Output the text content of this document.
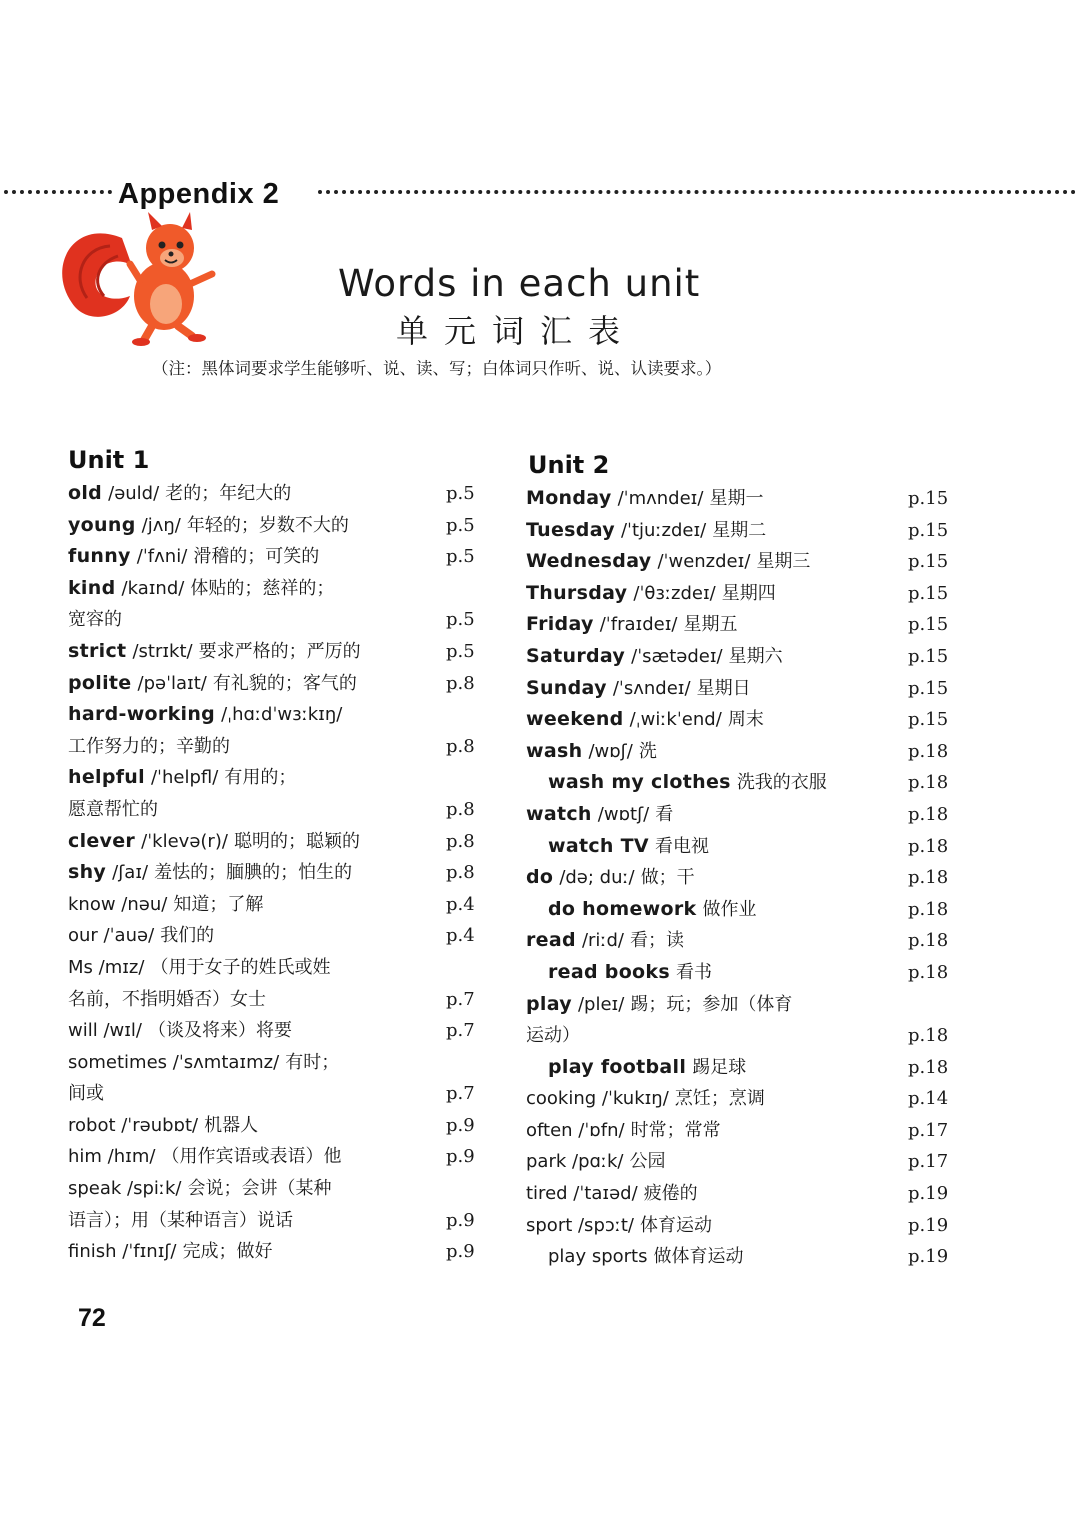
Appendix 2
Words in each unit
单元词汇表
（注：黑体词要求学生能够听、说、读、写；白体词只作听、说、认读要求。）
Unit 1	Unit 2
old /əuld/ 老的；年纪大的	p.5
young /jʌŋ/ 年轻的；岁数不大的	p.5
funny /ˈfʌni/ 滑稽的；可笑的	p.5
kind /kaɪnd/ 体贴的；慈祥的；
宽容的	p.5
strict /strɪkt/ 要求严格的；严厉的	p.5
polite /pəˈlaɪt/ 有礼貌的；客气的	p.8
hard-working /ˌhɑːdˈwɜːkɪŋ/
工作努力的；辛勤的	p.8
helpful /ˈhelpfl/ 有用的；
愿意帮忙的	p.8
clever /ˈklevə(r)/ 聪明的；聪颖的	p.8
shy /ʃaɪ/ 羞怯的；腼腆的；怕生的	p.8
know /nəu/ 知道；了解	p.4
our /ˈauə/ 我们的	p.4
Ms /mɪz/ （用于女子的姓氏或姓
名前，不指明婚否）女士	p.7
will /wɪl/ （谈及将来）将要	p.7
sometimes /ˈsʌmtaɪmz/ 有时；
间或	p.7
robot /ˈrəubɒt/ 机器人	p.9
him /hɪm/ （用作宾语或表语）他	p.9
speak /spiːk/ 会说；会讲（某种
语言）；用（某种语言）说话	p.9
finish /ˈfɪnɪʃ/ 完成；做好	p.9
Monday /ˈmʌndeɪ/ 星期一	p.15
Tuesday /ˈtjuːzdeɪ/ 星期二	p.15
Wednesday /ˈwenzdeɪ/ 星期三	p.15
Thursday /ˈθɜːzdeɪ/ 星期四	p.15
Friday /ˈfraɪdeɪ/ 星期五	p.15
Saturday /ˈsætədeɪ/ 星期六	p.15
Sunday /ˈsʌndeɪ/ 星期日	p.15
weekend /ˌwiːkˈend/ 周末	p.15
wash /wɒʃ/ 洗	p.18
wash my clothes 洗我的衣服	p.18
watch /wɒtʃ/ 看	p.18
watch TV 看电视	p.18
do /də; duː/ 做；干	p.18
do homework 做作业	p.18
read /riːd/ 看；读	p.18
read books 看书	p.18
play /pleɪ/ 踢；玩；参加（体育
运动）	p.18
play football 踢足球	p.18
cooking /ˈkukɪŋ/ 烹饪；烹调	p.14
often /ˈɒfn/ 时常；常常	p.17
park /pɑːk/ 公园	p.17
tired /ˈtaɪəd/ 疲倦的	p.19
sport /spɔːt/ 体育运动	p.19
play sports 做体育运动	p.19
72
